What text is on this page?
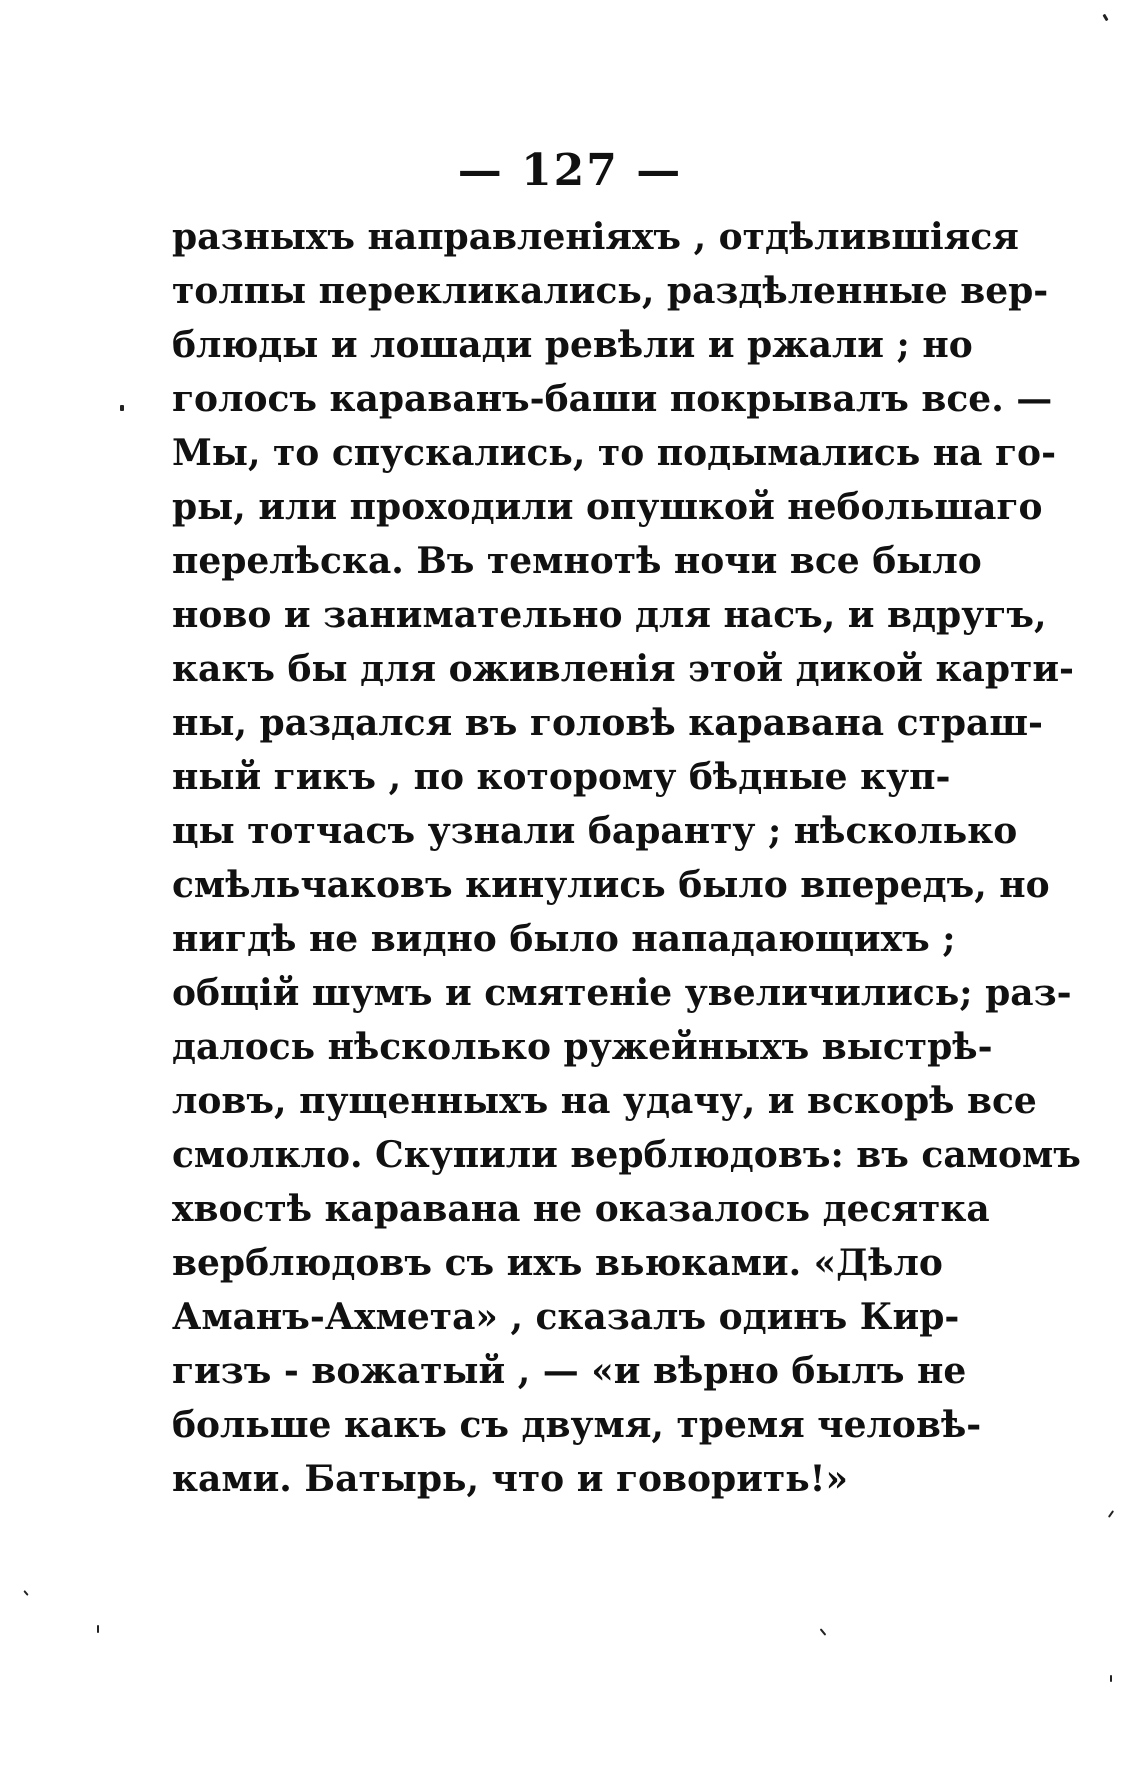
— 127 —
разныхъ направленіяхъ , отдѣлившіяся
толпы перекликались, раздѣленные вер-
блюды и лошади ревѣли и ржали ; но
голосъ караванъ-баши покрывалъ все. —
Мы, то спускались, то подымались на го-
ры, или проходили опушкой небольшаго
перелѣска. Въ темнотѣ ночи все было
ново и занимательно для насъ, и вдругъ,
какъ бы для оживленія этой дикой карти-
ны, раздался въ головѣ каравана страш-
ный гикъ , по которому бѣдные куп-
цы тотчасъ узнали баранту ; нѣсколько
смѣльчаковъ кинулись было впередъ, но
нигдѣ не видно было нападающихъ ;
общій шумъ и смятеніе увеличились; раз-
далось нѣсколько ружейныхъ выстрѣ-
ловъ, пущенныхъ на удачу, и вскорѣ все
смолкло. Скупили верблюдовъ: въ самомъ
хвостѣ каравана не оказалось десятка
верблюдовъ съ ихъ вьюками. «Дѣло
Аманъ-Ахмета» , сказалъ одинъ Кир-
гизъ - вожатый , — «и вѣрно былъ не
больше какъ съ двумя, тремя человѣ-
ками. Батырь, что и говорить!»
